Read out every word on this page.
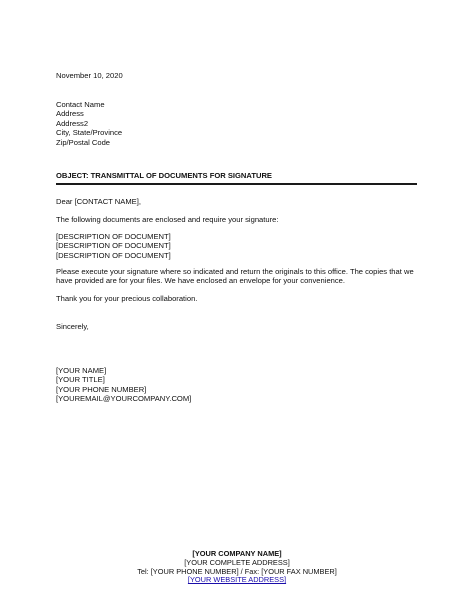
November 10, 2020
Contact Name
Address
Address2
City, State/Province
Zip/Postal Code
OBJECT: TRANSMITTAL OF DOCUMENTS FOR SIGNATURE
Dear [CONTACT NAME],
The following documents are enclosed and require your signature:
[DESCRIPTION OF DOCUMENT]
[DESCRIPTION OF DOCUMENT]
[DESCRIPTION OF DOCUMENT]
Please execute your signature where so indicated and return the originals to this office. The copies that we have provided are for your files. We have enclosed an envelope for your convenience.
Thank you for your precious collaboration.
Sincerely,
[YOUR NAME]
[YOUR TITLE]
[YOUR PHONE NUMBER]
[YOUREMAIL@YOURCOMPANY.COM]
[YOUR COMPANY NAME]
[YOUR COMPLETE ADDRESS]
Tel: [YOUR PHONE NUMBER] / Fax: [YOUR FAX NUMBER]
[YOUR WEBSITE ADDRESS]
